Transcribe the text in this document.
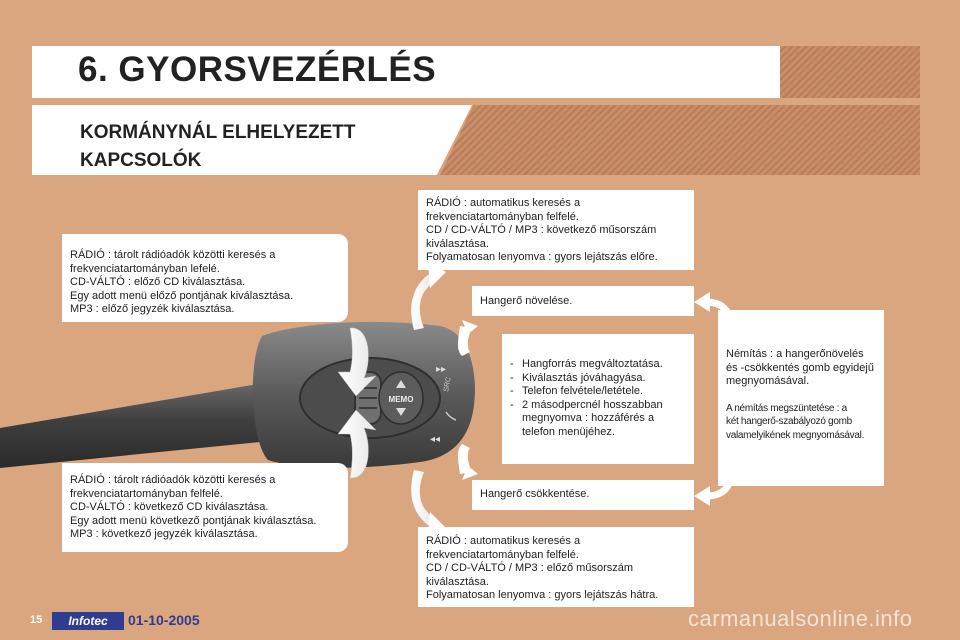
6. GYORSVEZÉRLÉS
KORMÁNYNÁL ELHELYEZETT
KAPCSOLÓK
MEMO
▸▸
◂◂
SRC
RÁDIÓ : tárolt rádióadók közötti keresés a
frekvenciatartományban lefelé.
CD-VÁLTÓ : előző CD kiválasztása.
Egy adott menü előző pontjának kiválasztása.
MP3 : előző jegyzék kiválasztása.
RÁDIÓ : tárolt rádióadók közötti keresés a
frekvenciatartományban felfelé.
CD-VÁLTÓ : következő CD kiválasztása.
Egy adott menü következő pontjának kiválasztása.
MP3 : következő jegyzék kiválasztása.
RÁDIÓ : automatikus keresés a
frekvenciatartományban felfelé.
CD / CD-VÁLTÓ / MP3 : következő műsorszám
kiválasztása.
Folyamatosan lenyomva : gyors lejátszás előre.
Hangerő növelése.
- Hangforrás megváltoztatása.
- Kiválasztás jóváhagyása.
- Telefon felvétele/letétele.
- 2 másodpercnél hosszabban megnyomva : hozzáférés a telefon menüjéhez.
Hangerő csökkentése.
RÁDIÓ : automatikus keresés a
frekvenciatartományban felfelé.
CD / CD-VÁLTÓ / MP3 : előző műsorszám
kiválasztása.
Folyamatosan lenyomva : gyors lejátszás hátra.
Némítás : a hangerőnövelés
és -csökkentés gomb egyidejű
megnyomásával.
A némítás megszüntetése : a
két hangerő-szabályozó gomb
valamelyikének megnyomásával.
15	Infotec	01-10-2005	carmanualsonline.info
